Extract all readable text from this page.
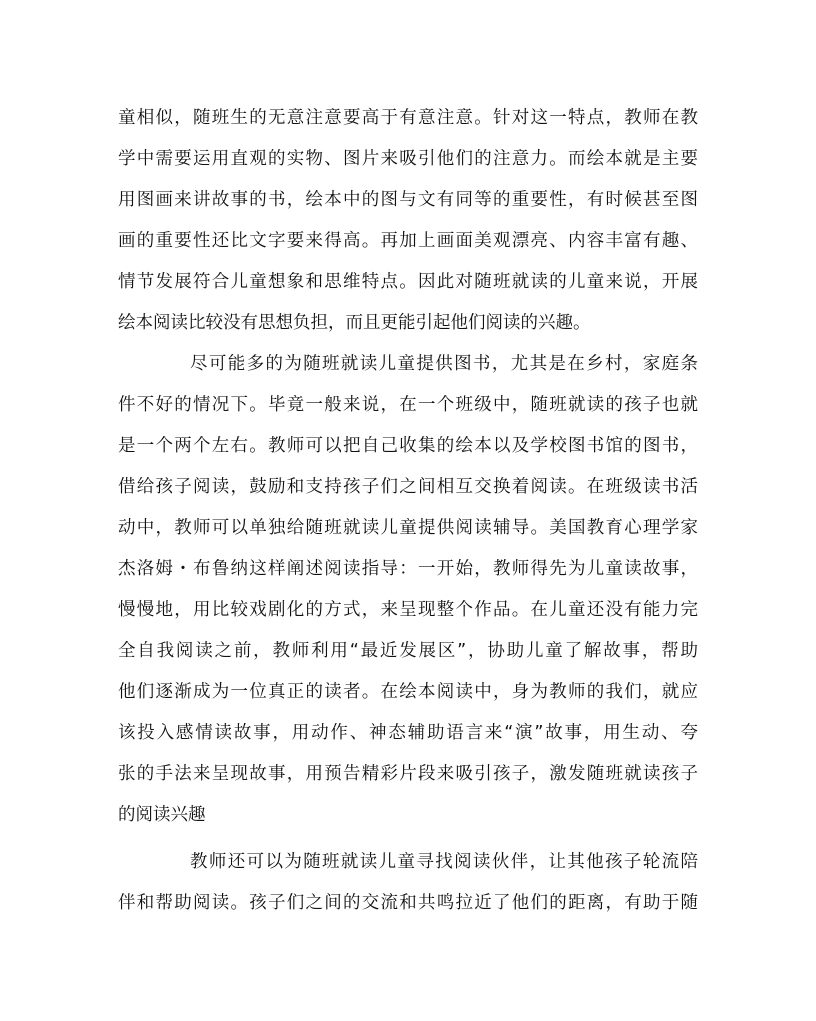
童相似，随班生的无意注意要高于有意注意。针对这一特点，教师在教
学中需要运用直观的实物、图片来吸引他们的注意力。而绘本就是主要
用图画来讲故事的书，绘本中的图与文有同等的重要性，有时候甚至图
画的重要性还比文字要来得高。再加上画面美观漂亮、内容丰富有趣、
情节发展符合儿童想象和思维特点。因此对随班就读的儿童来说，开展
绘本阅读比较没有思想负担，而且更能引起他们阅读的兴趣。
尽可能多的为随班就读儿童提供图书，尤其是在乡村，家庭条
件不好的情况下。毕竟一般来说，在一个班级中，随班就读的孩子也就
是一个两个左右。教师可以把自己收集的绘本以及学校图书馆的图书，
借给孩子阅读，鼓励和支持孩子们之间相互交换着阅读。在班级读书活
动中，教师可以单独给随班就读儿童提供阅读辅导。美国教育心理学家
杰洛姆・布鲁纳这样阐述阅读指导：一开始，教师得先为儿童读故事，
慢慢地，用比较戏剧化的方式，来呈现整个作品。在儿童还没有能力完
全自我阅读之前，教师利用“最近发展区”，协助儿童了解故事，帮助
他们逐渐成为一位真正的读者。在绘本阅读中，身为教师的我们，就应
该投入感情读故事，用动作、神态辅助语言来“演”故事，用生动、夸
张的手法来呈现故事，用预告精彩片段来吸引孩子，激发随班就读孩子
的阅读兴趣
教师还可以为随班就读儿童寻找阅读伙伴，让其他孩子轮流陪
伴和帮助阅读。孩子们之间的交流和共鸣拉近了他们的距离，有助于随
